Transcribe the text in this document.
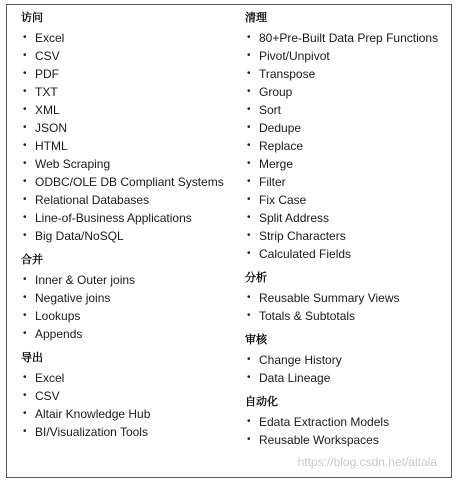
访问
• Excel
• CSV
• PDF
• TXT
• XML
• JSON
• HTML
• Web Scraping
• ODBC/OLE DB Compliant Systems
• Relational Databases
• Line-of-Business Applications
• Big Data/NoSQL
合并
• Inner & Outer joins
• Negative joins
• Lookups
• Appends
导出
• Excel
• CSV
• Altair Knowledge Hub
• BI/Visualization Tools
清理
• 80+Pre-Built Data Prep Functions
• Pivot/Unpivot
• Transpose
• Group
• Sort
• Dedupe
• Replace
• Merge
• Filter
• Fix Case
• Split Address
• Strip Characters
• Calculated Fields
分析
• Reusable Summary Views
• Totals & Subtotals
审核
• Change History
• Data Lineage
自动化
• Edata Extraction Models
• Reusable Workspaces
https://blog.csdn.net/altala
